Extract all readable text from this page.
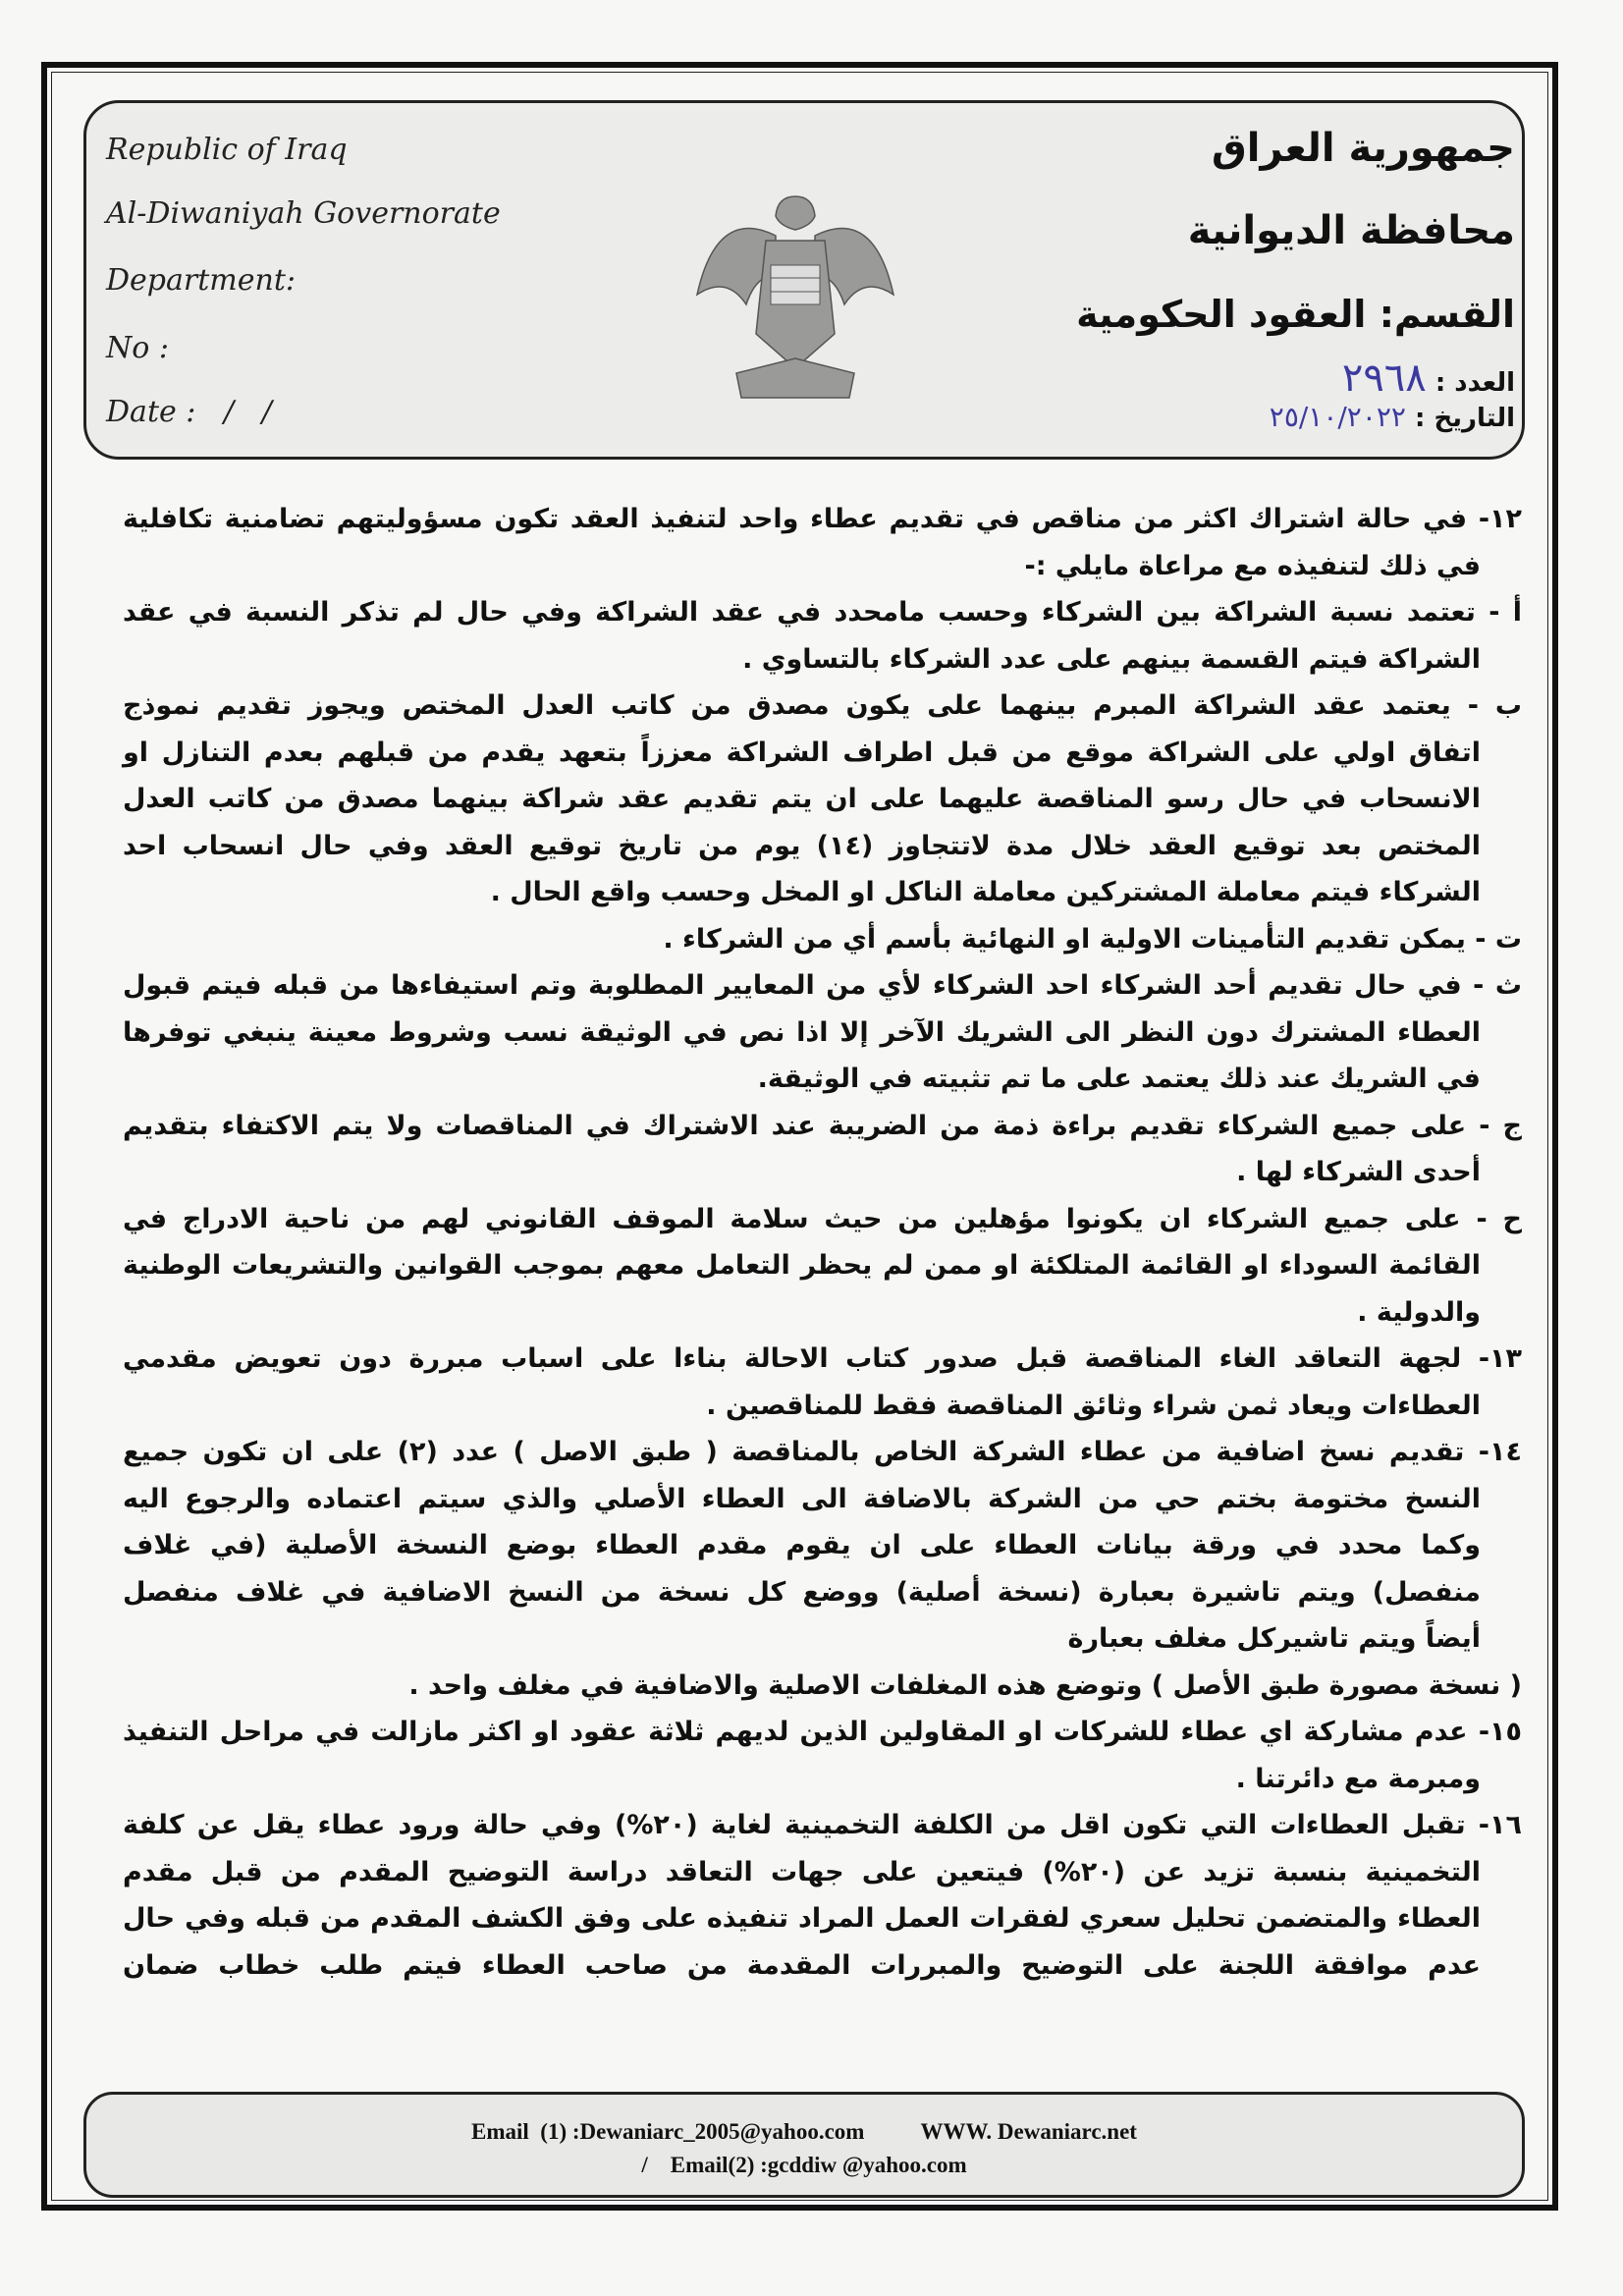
Republic of Iraq
Al-Diwaniyah Governorate
Department:
No :
Date :   /   /
جمهورية العراق
محافظة الديوانية
القسم: العقود الحكومية
العدد : ٢٩٦٨
التاريخ : ٢٥/١٠/٢٠٢٢
١٢- في حالة اشتراك اكثر من مناقص في تقديم عطاء واحد لتنفيذ العقد تكون مسؤوليتهم تضامنية تكافلية
في ذلك لتنفيذه مع مراعاة مايلي :-
أ - تعتمد نسبة الشراكة بين الشركاء وحسب مامحدد في عقد الشراكة وفي حال لم تذكر النسبة في عقد
الشراكة فيتم القسمة بينهم على عدد الشركاء بالتساوي .
ب - يعتمد عقد الشراكة المبرم بينهما على يكون مصدق من كاتب العدل المختص ويجوز تقديم نموذج
اتفاق اولي على الشراكة موقع من قبل اطراف الشراكة معززاً بتعهد يقدم من قبلهم بعدم التنازل او
الانسحاب في حال رسو المناقصة عليهما على ان يتم تقديم عقد شراكة بينهما مصدق من كاتب العدل
المختص بعد توقيع العقد خلال مدة لاتتجاوز (١٤) يوم من تاريخ توقيع العقد وفي حال انسحاب احد
الشركاء فيتم معاملة المشتركين معاملة الناكل او المخل وحسب واقع الحال .
ت - يمكن تقديم التأمينات الاولية او النهائية بأسم أي من الشركاء .
ث - في حال تقديم أحد الشركاء احد الشركاء لأي من المعايير المطلوبة وتم استيفاءها من قبله فيتم قبول
العطاء المشترك دون النظر الى الشريك الآخر إلا اذا نص في الوثيقة نسب وشروط معينة ينبغي توفرها
في الشريك عند ذلك يعتمد على ما تم تثبيته في الوثيقة.
ج - على جميع الشركاء تقديم براءة ذمة من الضريبة عند الاشتراك في المناقصات ولا يتم الاكتفاء بتقديم
أحدى الشركاء لها .
ح - على جميع الشركاء ان يكونوا مؤهلين من حيث سلامة الموقف القانوني لهم من ناحية الادراج في
القائمة السوداء او القائمة المتلكئة او ممن لم يحظر التعامل معهم بموجب القوانين والتشريعات الوطنية
والدولية .
١٣- لجهة التعاقد الغاء المناقصة قبل صدور كتاب الاحالة بناءا على اسباب مبررة دون تعويض مقدمي
العطاءات ويعاد ثمن شراء وثائق المناقصة فقط للمناقصين .
١٤- تقديم نسخ اضافية من عطاء الشركة الخاص بالمناقصة ( طبق الاصل ) عدد (٢) على ان تكون جميع
النسخ مختومة بختم حي من الشركة بالاضافة الى العطاء الأصلي والذي سيتم اعتماده والرجوع اليه
وكما محدد في ورقة بيانات العطاء على ان يقوم مقدم العطاء بوضع النسخة الأصلية (في غلاف
منفصل) ويتم تاشيرة بعبارة (نسخة أصلية) ووضع كل نسخة من النسخ الاضافية في غلاف منفصل
أيضاً ويتم تاشيركل مغلف بعبارة
( نسخة مصورة طبق الأصل ) وتوضع هذه المغلفات الاصلية والاضافية في مغلف واحد .
١٥- عدم مشاركة اي عطاء للشركات او المقاولين الذين لديهم ثلاثة عقود او اكثر مازالت في مراحل التنفيذ
ومبرمة مع دائرتنا .
١٦- تقبل العطاءات التي تكون اقل من الكلفة التخمينية لغاية (٢٠%) وفي حالة ورود عطاء يقل عن كلفة
التخمينية بنسبة تزيد عن (٢٠%) فيتعين على جهات التعاقد دراسة التوضيح المقدم من قبل مقدم
العطاء والمتضمن تحليل سعري لفقرات العمل المراد تنفيذه على وفق الكشف المقدم من قبله وفي حال
عدم موافقة اللجنة على التوضيح والمبررات المقدمة من صاحب العطاء فيتم طلب خطاب ضمان
Email  (1) :Dewaniarc_2005@yahoo.com          WWW. Dewaniarc.net
/    Email(2) :gcddiw @yahoo.com
